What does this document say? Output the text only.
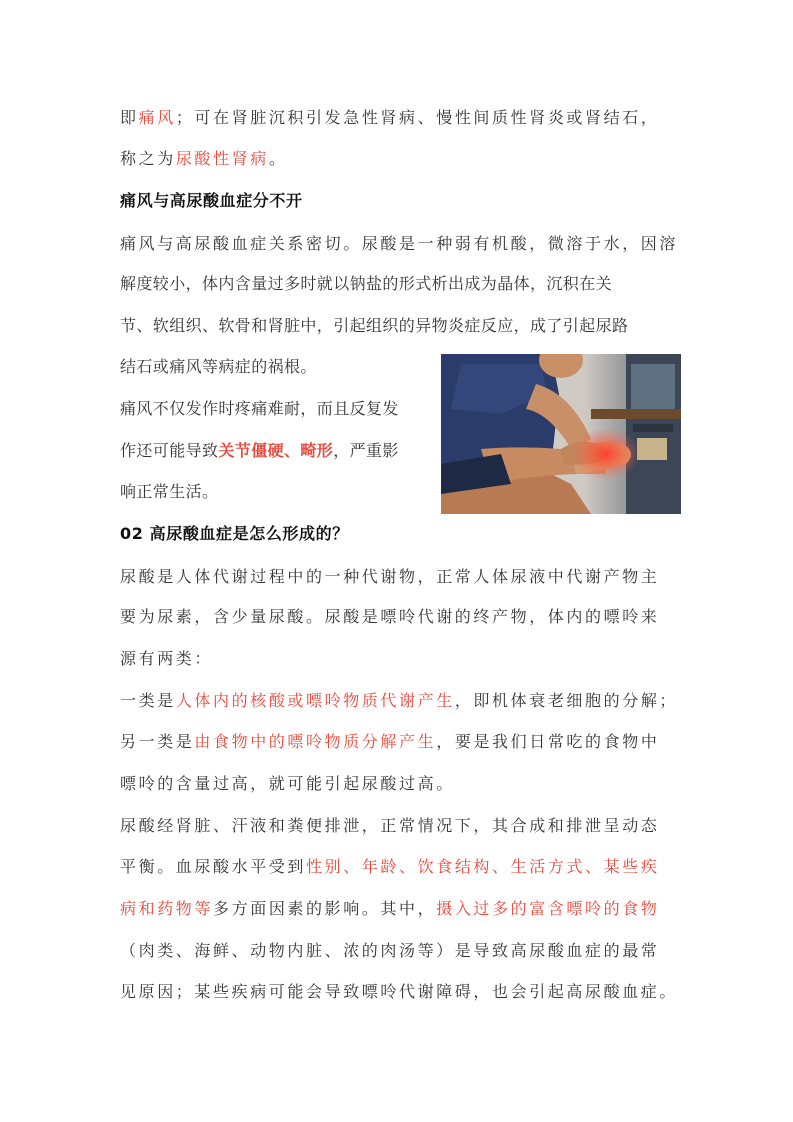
即痛风；可在肾脏沉积引发急性肾病、慢性间质性肾炎或肾结石，
称之为尿酸性肾病。
痛风与高尿酸血症分不开
痛风与高尿酸血症关系密切。尿酸是一种弱有机酸，微溶于水，因溶
解度较小，体内含量过多时就以钠盐的形式析出成为晶体，沉积在关
节、软组织、软骨和肾脏中，引起组织的异物炎症反应，成了引起尿路
结石或痛风等病症的祸根。
痛风不仅发作时疼痛难耐，而且反复发
作还可能导致关节僵硬、畸形，严重影
响正常生活。
02 高尿酸血症是怎么形成的？
尿酸是人体代谢过程中的一种代谢物，正常人体尿液中代谢产物主
要为尿素，含少量尿酸。尿酸是嘌呤代谢的终产物，体内的嘌呤来
源有两类：
一类是人体内的核酸或嘌呤物质代谢产生，即机体衰老细胞的分解；
另一类是由食物中的嘌呤物质分解产生，要是我们日常吃的食物中
嘌呤的含量过高，就可能引起尿酸过高。
尿酸经肾脏、汗液和粪便排泄，正常情况下，其合成和排泄呈动态
平衡。血尿酸水平受到性别、年龄、饮食结构、生活方式、某些疾
病和药物等多方面因素的影响。其中，摄入过多的富含嘌呤的食物
（肉类、海鲜、动物内脏、浓的肉汤等）是导致高尿酸血症的最常
见原因；某些疾病可能会导致嘌呤代谢障碍，也会引起高尿酸血症。
